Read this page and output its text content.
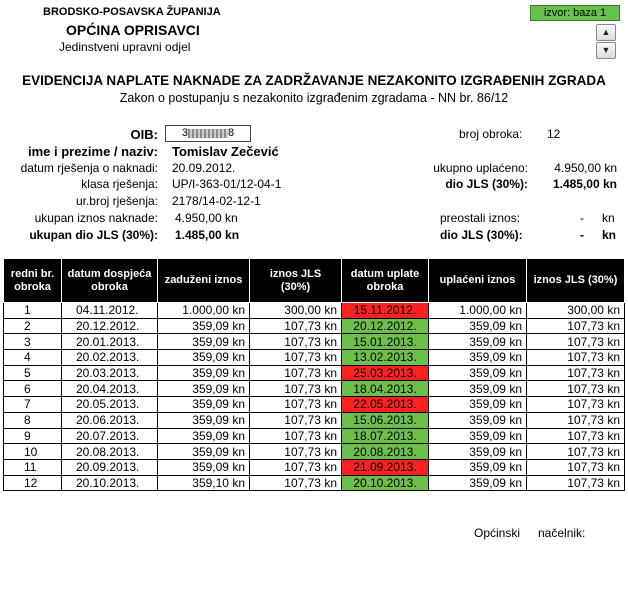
BRODSKO-POSAVSKA ŽUPANIJA
OPĆINA OPRISAVCI
Jedinstveni upravni odjel
izvor: baza 1
▲
▼
EVIDENCIJA NAPLATE NAKNADE ZA ZADRŽAVANJE NEZAKONITO IZGRAĐENIH ZGRADA
Zakon o postupanju s nezakonito izgrađenim zgradama - NN br. 86/12
OIB:	3	8
ime i prezime / naziv: Tomislav Zečević
datum rješenja o naknadi: 20.09.2012.
klasa rješenja: UP/I-363-01/12-04-1
ur.broj rješenja: 2178/14-02-12-1
ukupan iznos naknade: 4.950,00 kn
ukupan dio JLS (30%): 1.485,00 kn
broj obroka: 12
ukupno uplaćeno: 4.950,00 kn
dio JLS (30%): 1.485,00 kn
preostali iznos:	- kn
dio JLS (30%):	- kn
redni br. obroka	datum dospjeća obroka	zaduženi iznos	iznos JLS (30%)	datum uplate obroka	uplaćeni iznos	iznos JLS (30%)
1	04.11.2012.	1.000,00 kn	300,00 kn	15.11.2012.	1.000,00 kn	300,00 kn
2	20.12.2012.	359,09 kn	107,73 kn	20.12.2012.	359,09 kn	107,73 kn
3	20.01.2013.	359,09 kn	107,73 kn	15.01.2013.	359,09 kn	107,73 kn
4	20.02.2013.	359,09 kn	107,73 kn	13.02.2013.	359,09 kn	107,73 kn
5	20.03.2013.	359,09 kn	107,73 kn	25.03.2013.	359,09 kn	107,73 kn
6	20.04.2013.	359,09 kn	107,73 kn	18.04.2013.	359,09 kn	107,73 kn
7	20.05.2013.	359,09 kn	107,73 kn	22.05.2013.	359,09 kn	107,73 kn
8	20.06.2013.	359,09 kn	107,73 kn	15.06.2013.	359,09 kn	107,73 kn
9	20.07.2013.	359,09 kn	107,73 kn	18.07.2013.	359,09 kn	107,73 kn
10	20.08.2013.	359,09 kn	107,73 kn	20.08.2013.	359,09 kn	107,73 kn
11	20.09.2013.	359,09 kn	107,73 kn	21.09.2013.	359,09 kn	107,73 kn
12	20.10.2013.	359,10 kn	107,73 kn	20.10.2013.	359,09 kn	107,73 kn
Općinski načelnik:
